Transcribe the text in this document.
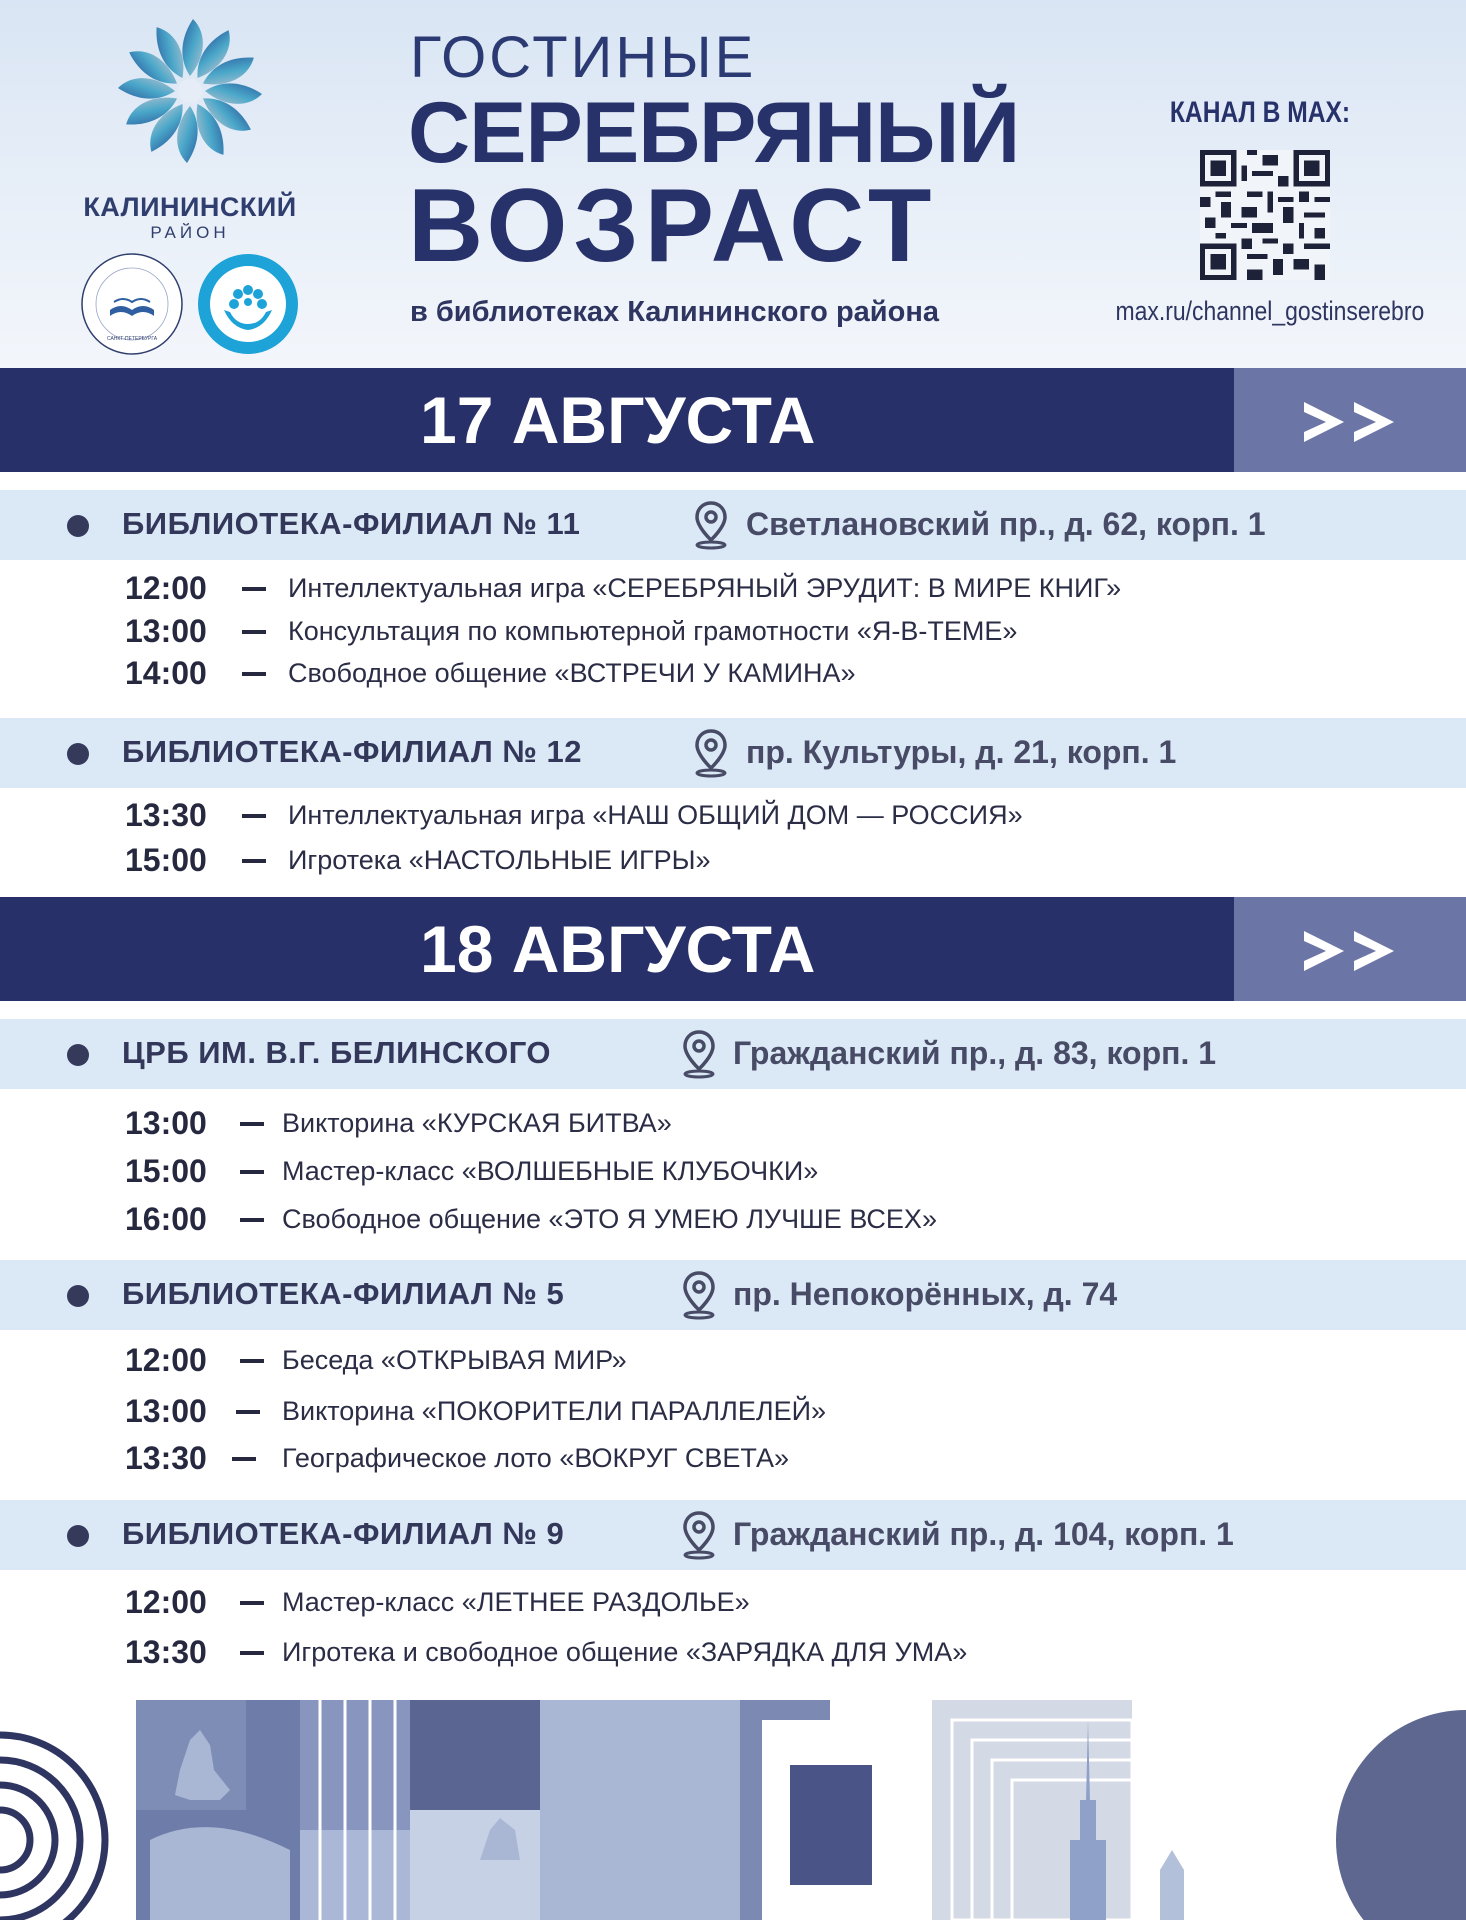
КАЛИНИНСКИЙ
РАЙОН
САНКТ-ПЕТЕРБУРГА
ГОСТИНЫЕ
СЕРЕБРЯНЫЙ
ВОЗРАСТ
в библиотеках Калининского района
КАНАЛ В MAX:
max.ru/channel_gostinserebro
17 АВГУСТА
БИБЛИОТЕКА-ФИЛИАЛ № 11	Светлановский пр., д. 62, корп. 1
12:00	Интеллектуальная игра «СЕРЕБРЯНЫЙ ЭРУДИТ: В МИРЕ КНИГ»
13:00	Консультация по компьютерной грамотности «Я-В-ТЕМЕ»
14:00	Свободное общение «ВСТРЕЧИ У КАМИНА»
БИБЛИОТЕКА-ФИЛИАЛ № 12	пр. Культуры, д. 21, корп. 1
13:30	Интеллектуальная игра «НАШ ОБЩИЙ ДОМ — РОССИЯ»
15:00	Игротека «НАСТОЛЬНЫЕ ИГРЫ»
18 АВГУСТА
ЦРБ ИМ. В.Г. БЕЛИНСКОГО	Гражданский пр., д. 83, корп. 1
13:00	Викторина «КУРСКАЯ БИТВА»
15:00	Мастер-класс «ВОЛШЕБНЫЕ КЛУБОЧКИ»
16:00	Свободное общение «ЭТО Я УМЕЮ ЛУЧШЕ ВСЕХ»
БИБЛИОТЕКА-ФИЛИАЛ № 5	пр. Непокорённых, д. 74
12:00	Беседа «ОТКРЫВАЯ МИР»
13:00	Викторина «ПОКОРИТЕЛИ ПАРАЛЛЕЛЕЙ»
13:30	Географическое лото «ВОКРУГ СВЕТА»
БИБЛИОТЕКА-ФИЛИАЛ № 9	Гражданский пр., д. 104, корп. 1
12:00	Мастер-класс «ЛЕТНЕЕ РАЗДОЛЬЕ»
13:30	Игротека и свободное общение «ЗАРЯДКА ДЛЯ УМА»
